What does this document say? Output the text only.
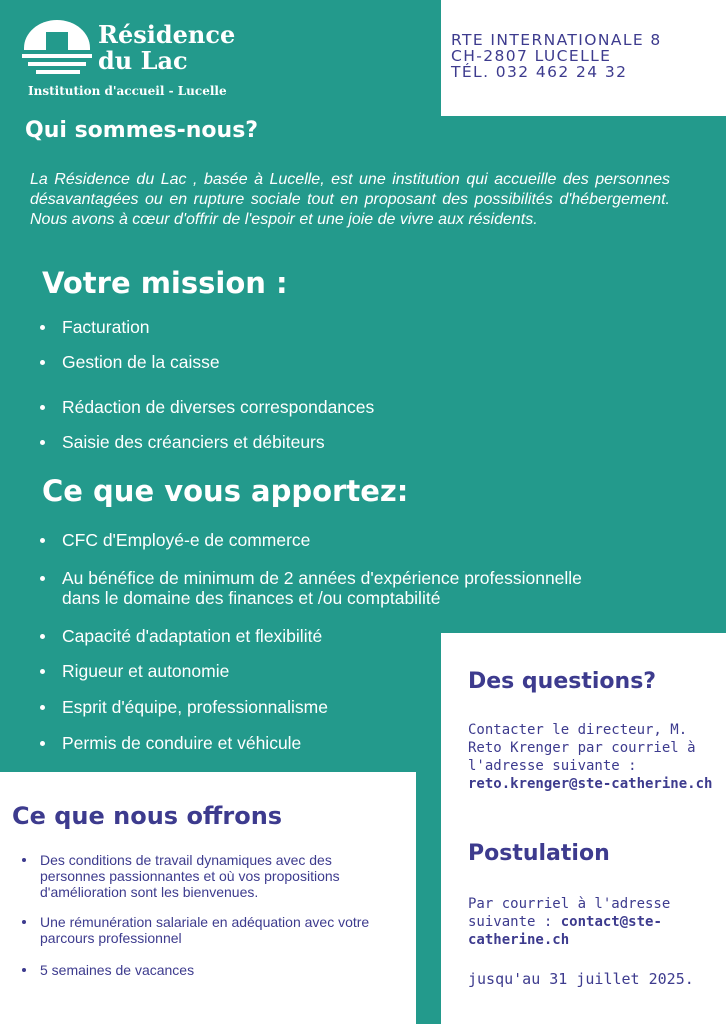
Résidence
du Lac
Institution d'accueil - Lucelle
RTE INTERNATIONALE 8
CH-2807 LUCELLE
TÉL. 032 462 24 32
Qui sommes-nous?

La Résidence du Lac , basée à Lucelle, est une institution qui accueille des personnes désavantagées ou en rupture sociale tout en proposant des possibilités d'hébergement. Nous avons à cœur d'offrir de l'espoir et une joie de vivre aux résidents.

Votre mission :
Facturation
Gestion de la caisse
Rédaction de diverses correspondances
Saisie des créanciers et débiteurs
Ce que vous apportez:
CFC d'Employé-e de commerce
Au bénéfice de minimum de 2 années d'expérience professionnelle
dans le domaine des finances et /ou comptabilité
Capacité d'adaptation et flexibilité
Rigueur et autonomie
Esprit d'équipe, professionnalisme
Permis de conduire et véhicule
Ce que nous offrons
Des conditions de travail dynamiques avec des personnes passionnantes et où vos propositions d'amélioration sont les bienvenues.
Une rémunération salariale en adéquation avec votre parcours professionnel
5 semaines de vacances
Des questions?
Contacter le directeur, M. Reto Krenger par courriel à l'adresse suivante : reto.krenger@ste-catherine.ch
Postulation
Par courriel à l'adresse suivante : contact@ste-catherine.ch
jusqu'au 31 juillet 2025.
